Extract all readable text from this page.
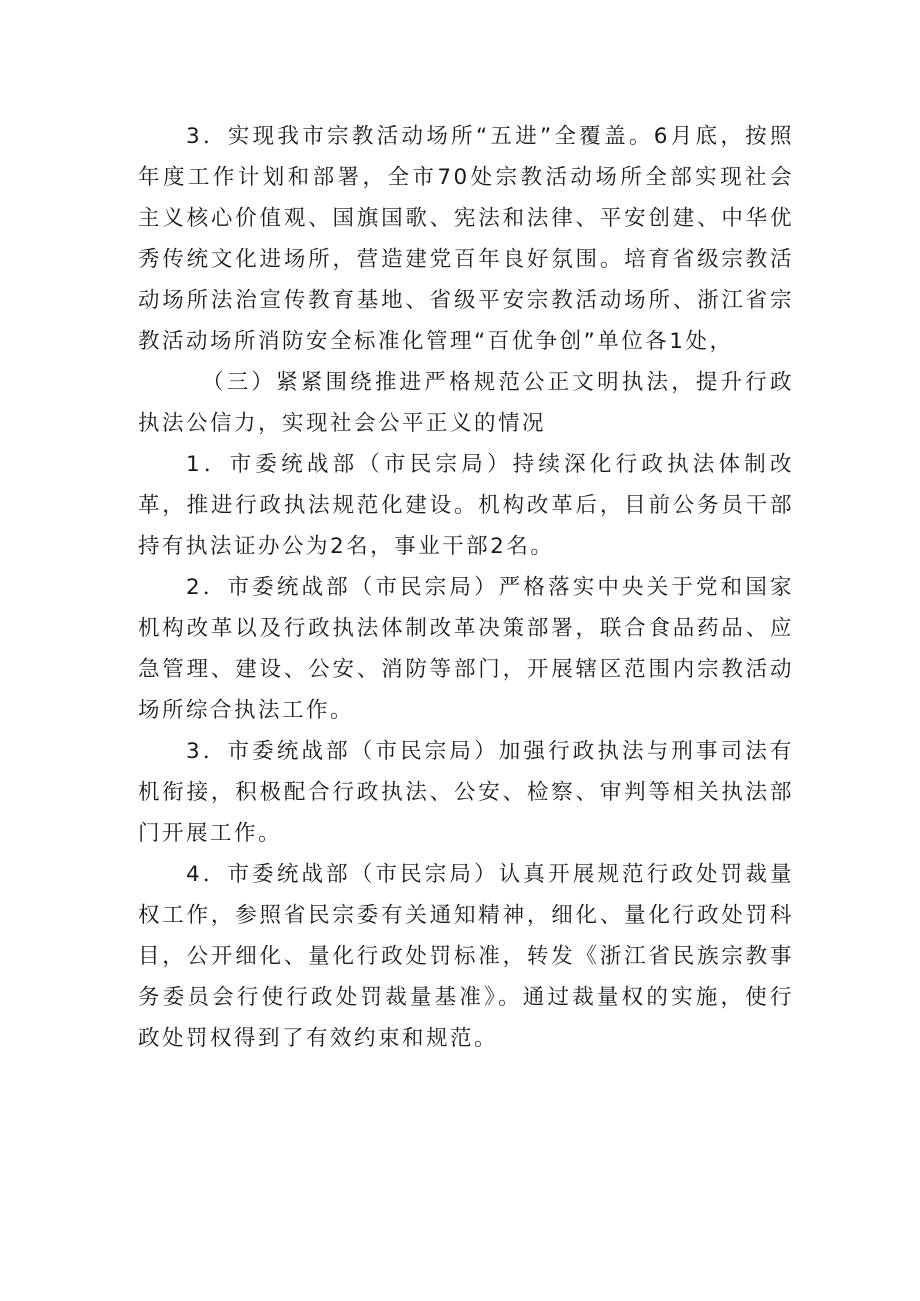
3．实现我市宗教活动场所“五进”全覆盖。6月底，按照年度工作计划和部署，全市70处宗教活动场所全部实现社会主义核心价值观、国旗国歌、宪法和法律、平安创建、中华优秀传统文化进场所，营造建党百年良好氛围。培育省级宗教活动场所法治宣传教育基地、省级平安宗教活动场所、浙江省宗教活动场所消防安全标准化管理“百优争创”单位各1处，

（三）紧紧围绕推进严格规范公正文明执法，提升行政执法公信力，实现社会公平正义的情况

1．市委统战部（市民宗局）持续深化行政执法体制改革，推进行政执法规范化建设。机构改革后，目前公务员干部持有执法证办公为2名，事业干部2名。

2．市委统战部（市民宗局）严格落实中央关于党和国家机构改革以及行政执法体制改革决策部署，联合食品药品、应急管理、建设、公安、消防等部门，开展辖区范围内宗教活动场所综合执法工作。

3．市委统战部（市民宗局）加强行政执法与刑事司法有机衔接，积极配合行政执法、公安、检察、审判等相关执法部门开展工作。

4．市委统战部（市民宗局）认真开展规范行政处罚裁量权工作，参照省民宗委有关通知精神，细化、量化行政处罚科目，公开细化、量化行政处罚标准，转发《浙江省民族宗教事务委员会行使行政处罚裁量基准》。通过裁量权的实施，使行政处罚权得到了有效约束和规范。
